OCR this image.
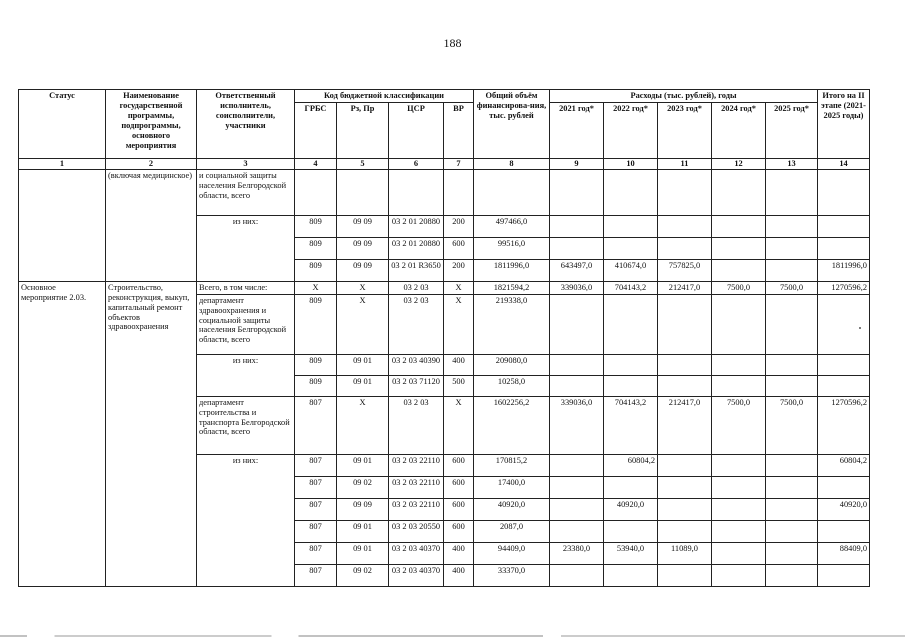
188
Статус	Наименование государственной программы, подпрограммы, основного мероприятия	Ответственный исполнитель, соисполнители, участники	Код бюджетной классификации				Общий объём финансирова-ния, тыс. рублей	Расходы (тыс. рублей), годы					Итого на II этапе (2021-2025 годы)
			ГРБС	Рз, Пр	ЦСР	ВР		2021 год*	2022 год*	2023 год*	2024 год*	2025 год*	
1	2	3	4	5	6	7	8	9	10	11	12	13	14
	(включая медицинское)	и социальной защиты населения Белгородской области, всего											
		из них:	809	09 09	03 2 01 20880	200	497466,0						
			809	09 09	03 2 01 20880	600	99516,0						
			809	09 09	03 2 01 R3650	200	1811996,0	643497,0	410674,0	757825,0			1811996,0
Основное мероприятие 2.03.	Строительство, реконструкция, выкуп, капитальный ремонт объектов здравоохранения	Всего, в том числе:	X	X	03 2 03	X	1821594,2	339036,0	704143,2	212417,0	7500,0	7500,0	1270596,2
		департамент здравоохранения и социальной защиты населения Белгородской области, всего	809	X	03 2 03	X	219338,0						
		из них:	809	09 01	03 2 03 40390	400	209080,0						
			809	09 01	03 2 03 71120	500	10258,0						
		департамент строительства и транспорта Белгородской области, всего	807	X	03 2 03	X	1602256,2	339036,0	704143,2	212417,0	7500,0	7500,0	1270596,2
		из них:	807	09 01	03 2 03 22110	600	170815,2		60804,2				60804,2
			807	09 02	03 2 03 22110	600	17400,0						
			807	09 09	03 2 03 22110	600	40920,0		40920,0				40920,0
			807	09 01	03 2 03 20550	600	2087,0						
			807	09 01	03 2 03 40370	400	94409,0	23380,0	53940,0	11089,0			88409,0
			807	09 02	03 2 03 40370	400	33370,0						
